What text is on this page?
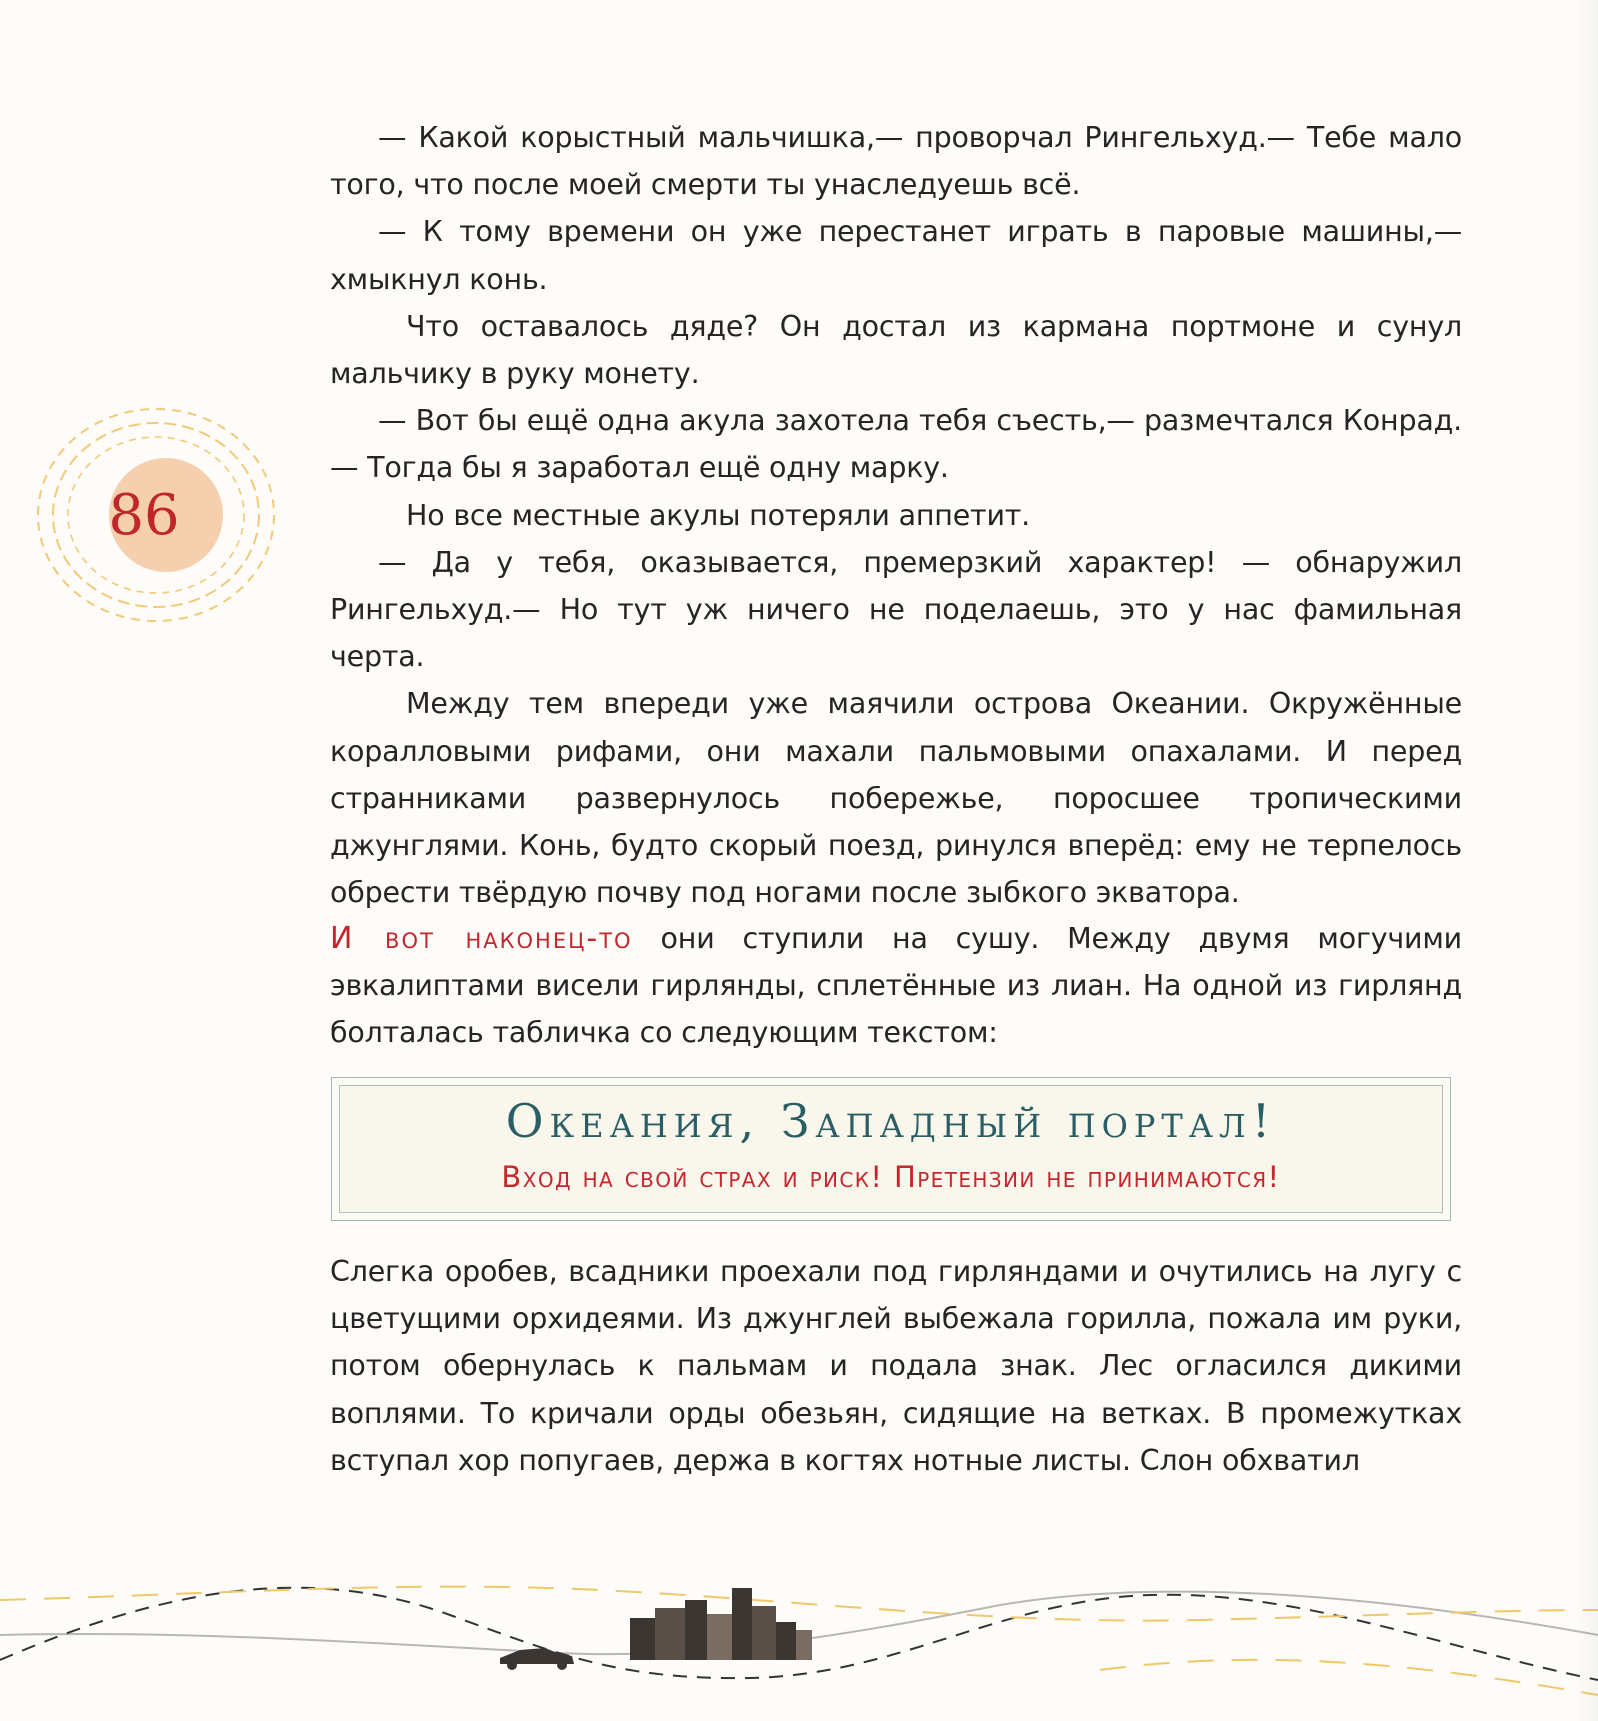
86

— Какой корыстный мальчишка,— проворчал Рингельхуд.— Тебе мало того, что после моей смерти ты унаследуешь всё.

— К тому времени он уже перестанет играть в паровые машины,— хмыкнул конь.

Что оставалось дяде? Он достал из кармана портмоне и сунул мальчику в руку монету.

— Вот бы ещё одна акула захотела тебя съесть,— размечтался Конрад.— Тогда бы я заработал ещё одну марку.

Но все местные акулы потеряли аппетит.

— Да у тебя, оказывается, премерзкий характер! — обнаружил Рингельхуд.— Но тут уж ничего не поделаешь, это у нас фамильная черта.

Между тем впереди уже маячили острова Океании. Окружённые коралловыми рифами, они махали пальмовыми опахалами. И перед странниками развернулось побережье, поросшее тропическими джунглями. Конь, будто скорый поезд, ринулся вперёд: ему не терпелось обрести твёрдую почву под ногами после зыбкого экватора.

И вот наконец-то они ступили на сушу. Между двумя могучими эвкалиптами висели гирлянды, сплетённые из лиан. На одной из гирлянд болталась табличка со следующим текстом:

Океания, Западный портал!
Вход на свой страх и риск! Претензии не принимаются!

Слегка оробев, всадники проехали под гирляндами и очутились на лугу с цветущими орхидеями. Из джунглей выбежала горилла, пожала им руки, потом обернулась к пальмам и подала знак. Лес огласился дикими воплями. То кричали орды обезьян, сидящие на ветках. В промежутках вступал хор попугаев, держа в когтях нотные листы. Слон обхватил
